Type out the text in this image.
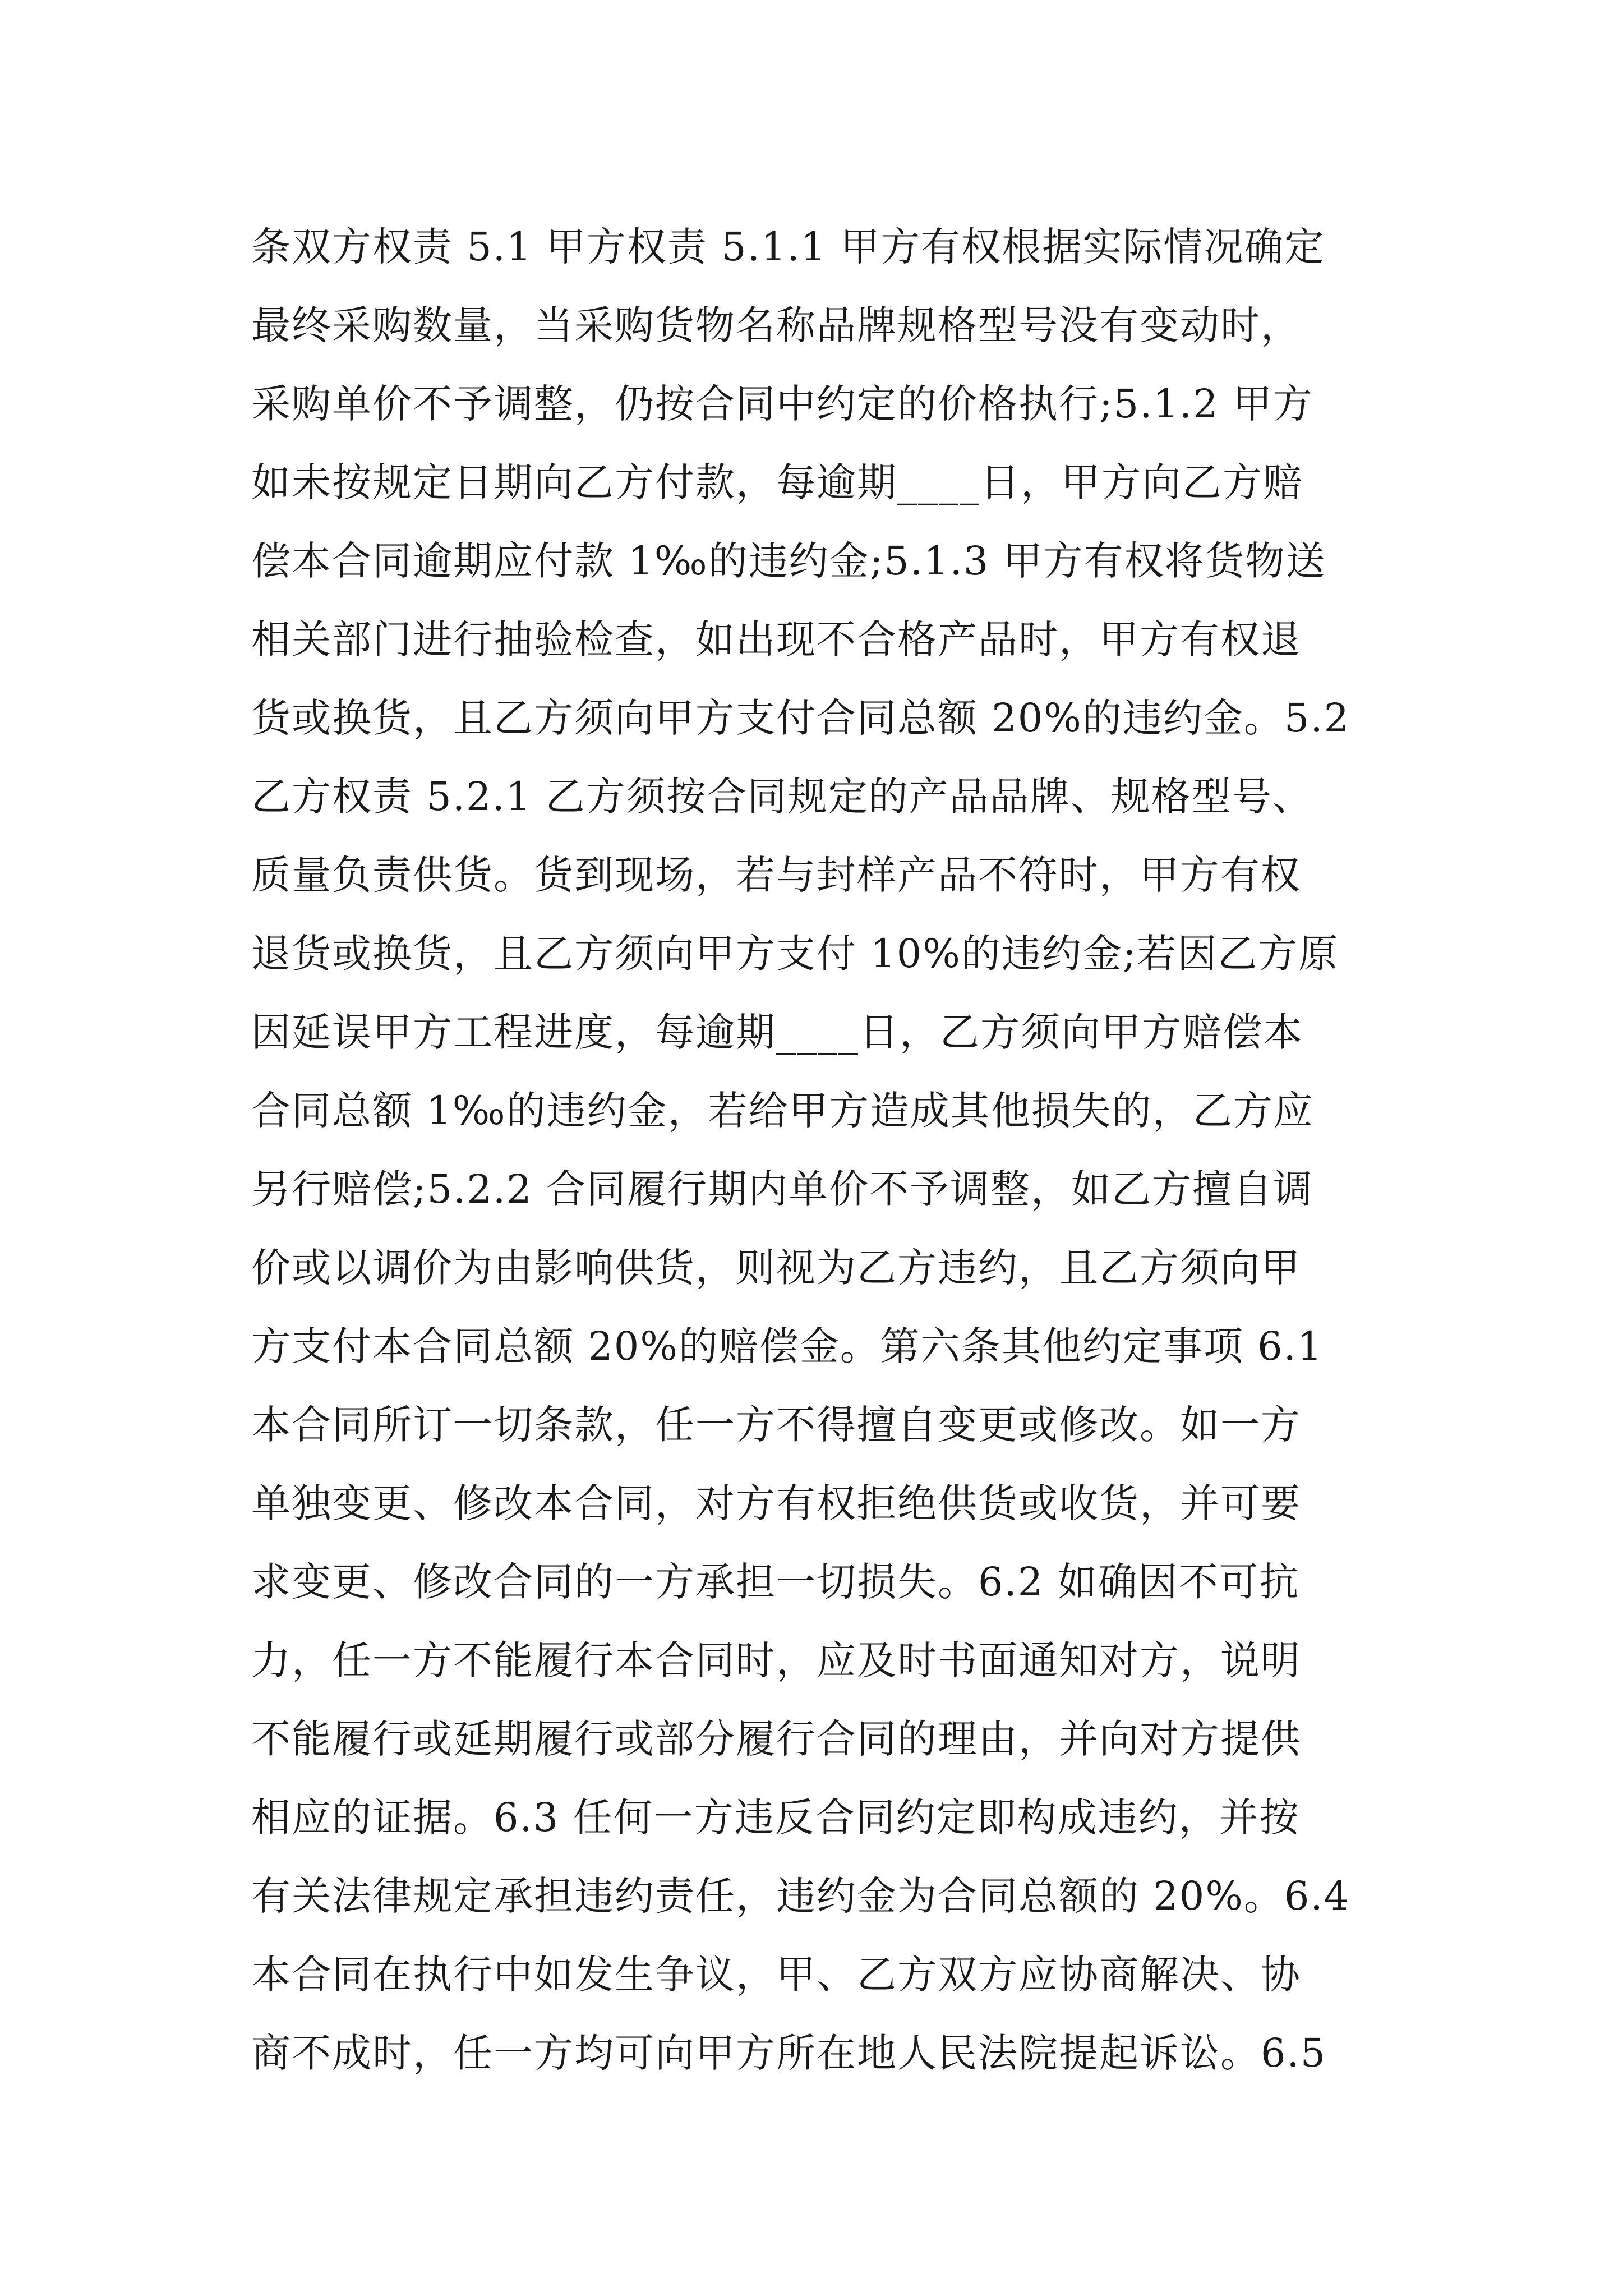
条双方权责 5.1 甲方权责 5.1.1 甲方有权根据实际情况确定
最终采购数量，当采购货物名称品牌规格型号没有变动时，
采购单价不予调整，仍按合同中约定的价格执行;5.1.2 甲方
如未按规定日期向乙方付款，每逾期____日，甲方向乙方赔
偿本合同逾期应付款 1‰的违约金;5.1.3 甲方有权将货物送
相关部门进行抽验检查，如出现不合格产品时，甲方有权退
货或换货，且乙方须向甲方支付合同总额 20%的违约金。5.2
乙方权责 5.2.1 乙方须按合同规定的产品品牌、规格型号、
质量负责供货。货到现场，若与封样产品不符时，甲方有权
退货或换货，且乙方须向甲方支付 10%的违约金;若因乙方原
因延误甲方工程进度，每逾期____日，乙方须向甲方赔偿本
合同总额 1‰的违约金，若给甲方造成其他损失的，乙方应
另行赔偿;5.2.2 合同履行期内单价不予调整，如乙方擅自调
价或以调价为由影响供货，则视为乙方违约，且乙方须向甲
方支付本合同总额 20%的赔偿金。第六条其他约定事项 6.1
本合同所订一切条款，任一方不得擅自变更或修改。如一方
单独变更、修改本合同，对方有权拒绝供货或收货，并可要
求变更、修改合同的一方承担一切损失。6.2 如确因不可抗
力，任一方不能履行本合同时，应及时书面通知对方，说明
不能履行或延期履行或部分履行合同的理由，并向对方提供
相应的证据。6.3 任何一方违反合同约定即构成违约，并按
有关法律规定承担违约责任，违约金为合同总额的 20%。6.4
本合同在执行中如发生争议，甲、乙方双方应协商解决、协
商不成时，任一方均可向甲方所在地人民法院提起诉讼。6.5
